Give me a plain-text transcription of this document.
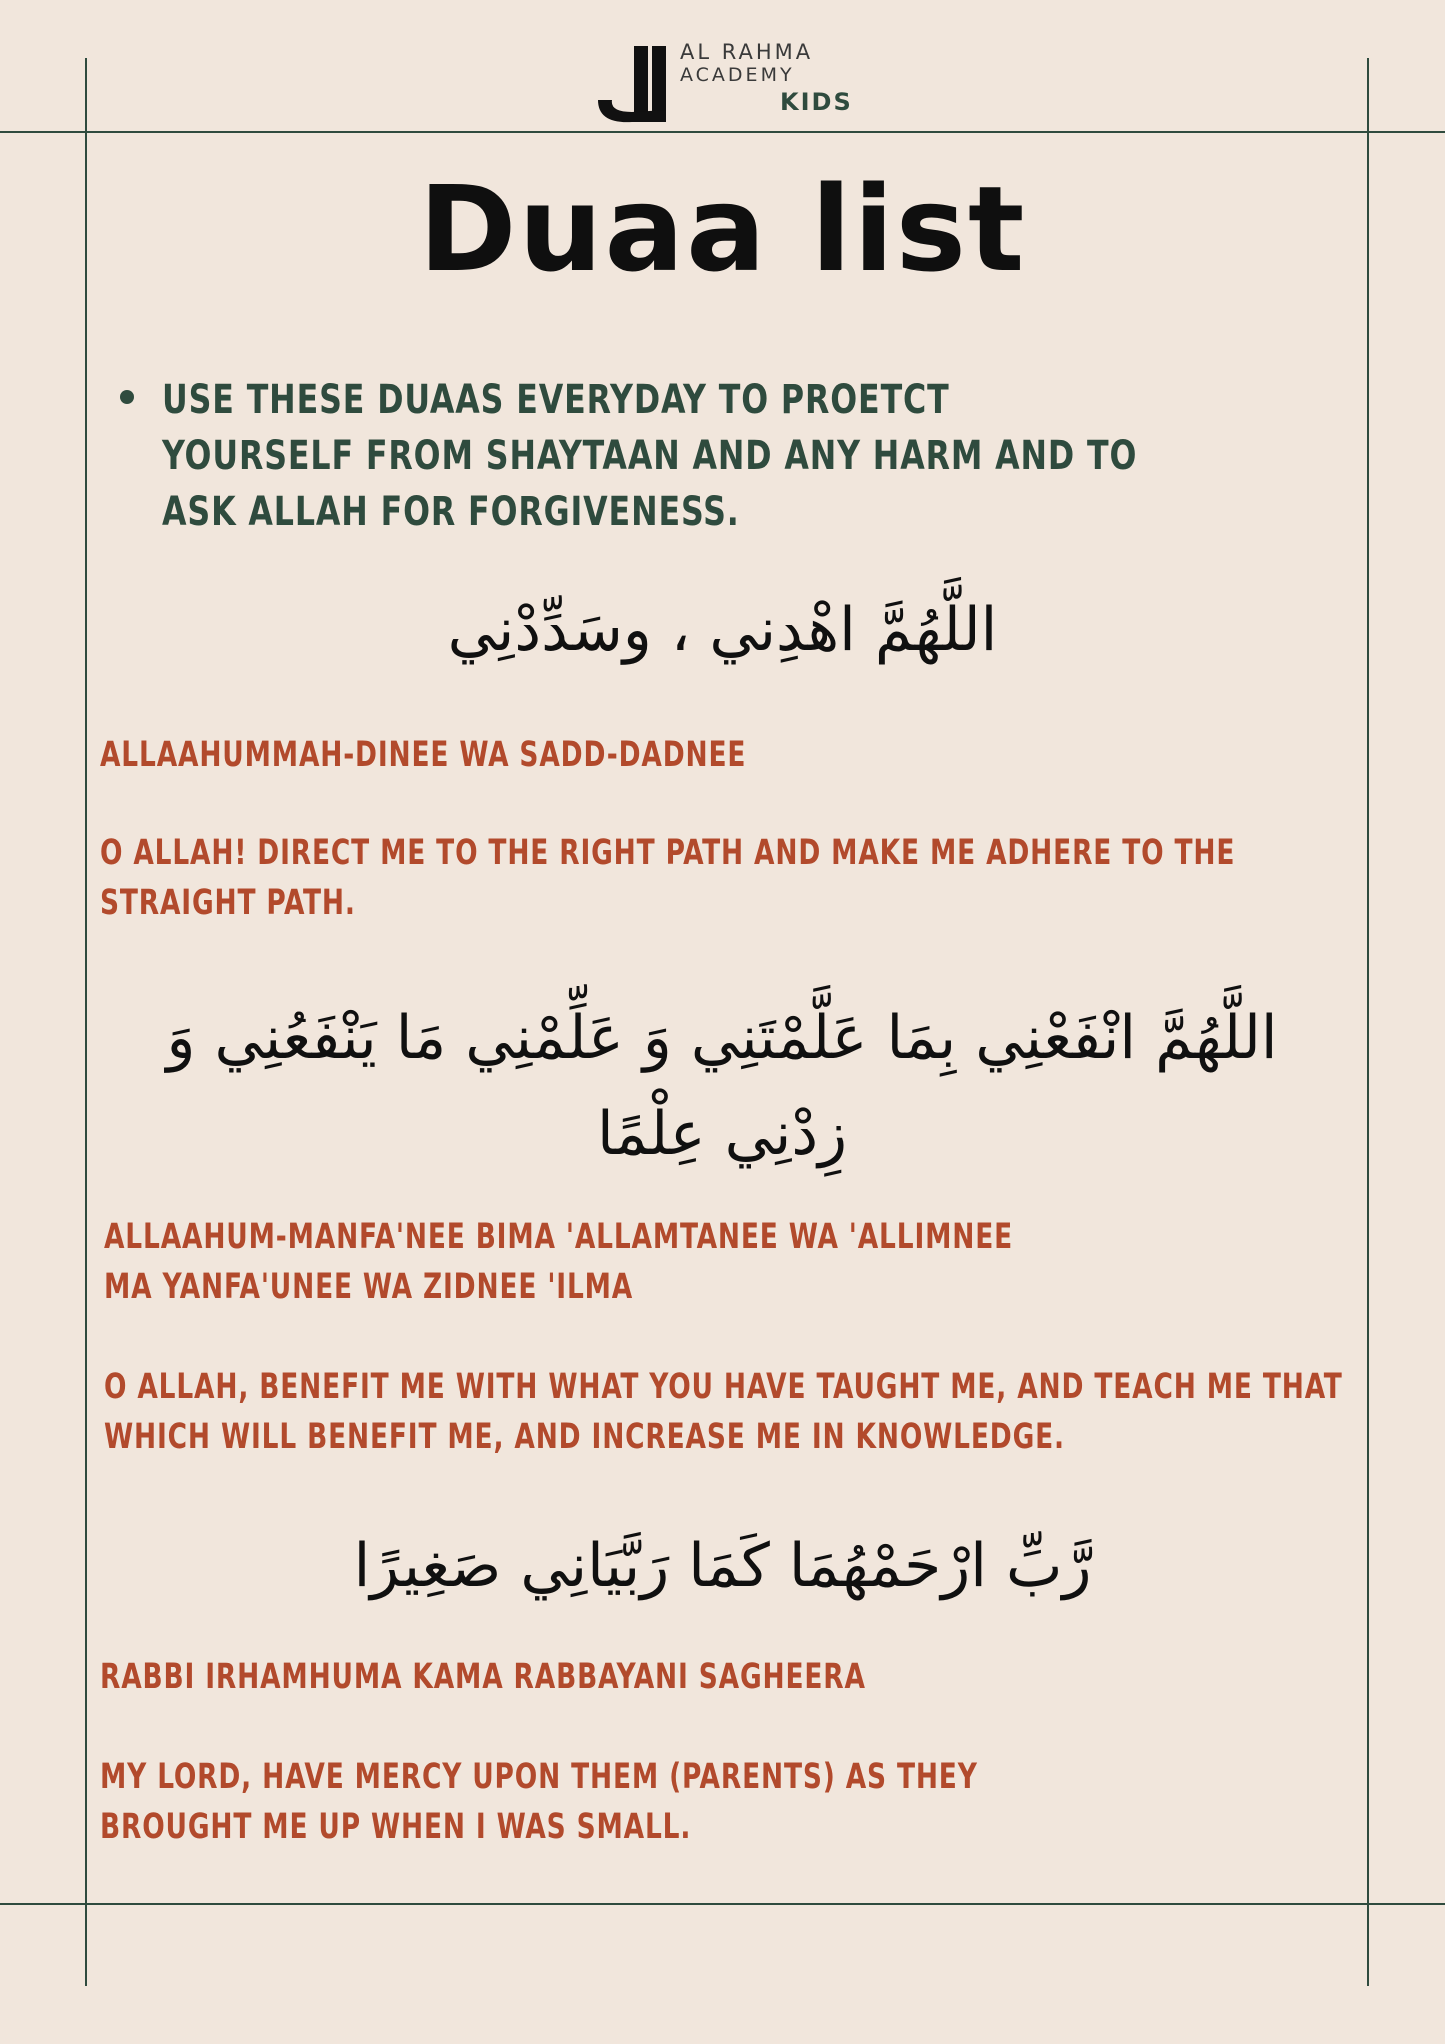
AL RAHMA
ACADEMY
KIDS
Duaa list
USE THESE DUAAS EVERYDAY TO PROETCT YOURSELF FROM SHAYTAAN AND ANY HARM AND TO ASK ALLAH FOR FORGIVENESS.
اللَّهُمَّ اهْدِني ، وسَدِّدْنِي
ALLAAHUMMAH-DINEE WA SADD-DADNEE
O ALLAH! DIRECT ME TO THE RIGHT PATH AND MAKE ME ADHERE TO THE STRAIGHT PATH.
اللَّهُمَّ انْفَعْنِي بِمَا عَلَّمْتَنِي وَ عَلِّمْنِي مَا يَنْفَعُنِي وَ زِدْنِي عِلْمًا
ALLAAHUM-MANFA'NEE BIMA 'ALLAMTANEE WA 'ALLIMNEE MA YANFA'UNEE WA ZIDNEE 'ILMA
O ALLAH, BENEFIT ME WITH WHAT YOU HAVE TAUGHT ME, AND TEACH ME THAT WHICH WILL BENEFIT ME, AND INCREASE ME IN KNOWLEDGE.
رَّبِّ ارْحَمْهُمَا كَمَا رَبَّيَانِي صَغِيرًا
RABBI IRHAMHUMA KAMA RABBAYANI SAGHEERA
MY LORD, HAVE MERCY UPON THEM (PARENTS) AS THEY BROUGHT ME UP WHEN I WAS SMALL.
